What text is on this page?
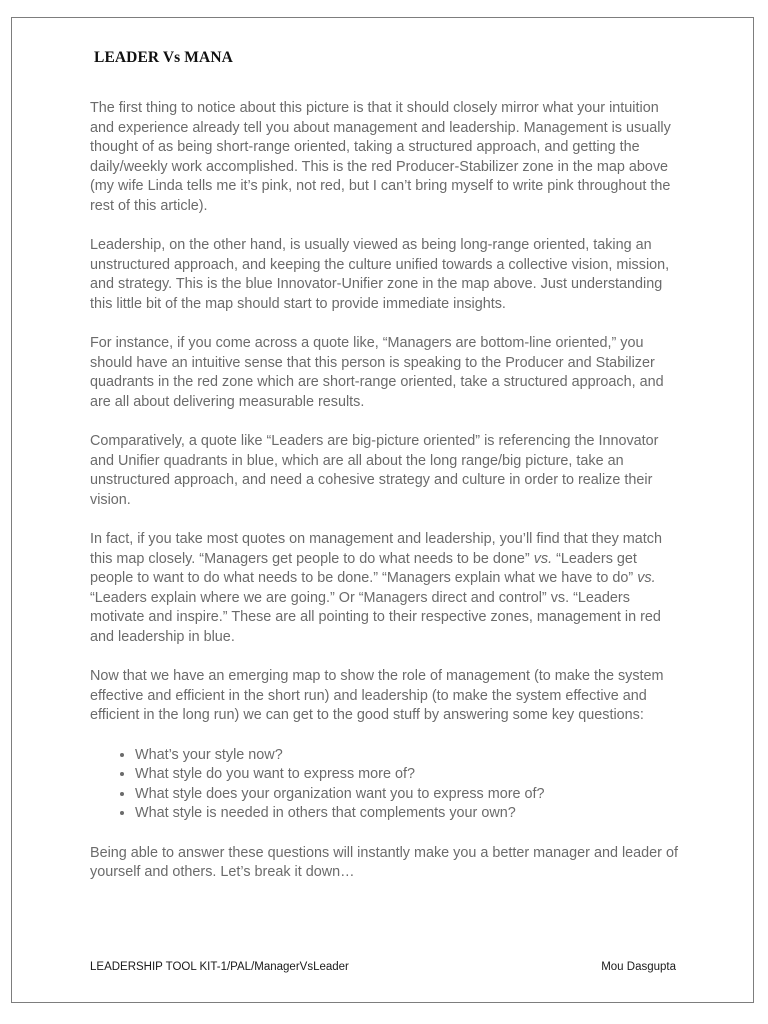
LEADER Vs MANA

The first thing to notice about this picture is that it should closely mirror what your intuition and experience already tell you about management and leadership. Management is usually thought of as being short-range oriented, taking a structured approach, and getting the daily/weekly work accomplished. This is the red Producer-Stabilizer zone in the map above (my wife Linda tells me it’s pink, not red, but I can’t bring myself to write pink throughout the rest of this article).

Leadership, on the other hand, is usually viewed as being long-range oriented, taking an unstructured approach, and keeping the culture unified towards a collective vision, mission, and strategy. This is the blue Innovator-Unifier zone in the map above. Just understanding this little bit of the map should start to provide immediate insights.

For instance, if you come across a quote like, “Managers are bottom-line oriented,” you should have an intuitive sense that this person is speaking to the Producer and Stabilizer quadrants in the red zone which are short-range oriented, take a structured approach, and are all about delivering measurable results.

Comparatively, a quote like “Leaders are big-picture oriented” is referencing the Innovator and Unifier quadrants in blue, which are all about the long range/big picture, take an unstructured approach, and need a cohesive strategy and culture in order to realize their vision.

In fact, if you take most quotes on management and leadership, you’ll find that they match this map closely. “Managers get people to do what needs to be done” vs. “Leaders get people to want to do what needs to be done.” “Managers explain what we have to do” vs. “Leaders explain where we are going.” Or “Managers direct and control” vs. “Leaders motivate and inspire.” These are all pointing to their respective zones, management in red and leadership in blue.

Now that we have an emerging map to show the role of management (to make the system effective and efficient in the short run) and leadership (to make the system effective and efficient in the long run) we can get to the good stuff by answering some key questions:

• What’s your style now?
• What style do you want to express more of?
• What style does your organization want you to express more of?
• What style is needed in others that complements your own?

Being able to answer these questions will instantly make you a better manager and leader of yourself and others. Let’s break it down…

LEADERSHIP TOOL KIT-1/PAL/ManagerVsLeader	Mou Dasgupta
